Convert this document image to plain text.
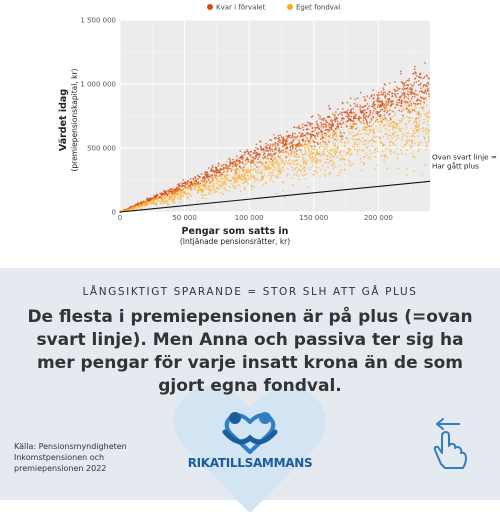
0	50 000	100 000	150 000	200 000
0
500 000
1 000 000
1 500 000
Ovan svart linje = Har gått plus
Kvar i förvalet	Eget fondval
Pengar som satts in
(Intjänade pensionsrätter, kr)
Värdet idag (premiepensionskapital, kr)
LÅNGSIKTIGT SPARANDE = STOR SLH ATT GÅ PLUS
De flesta i premiepensionen är på plus (=ovan svart linje). Men Anna och passiva ter sig ha mer pengar för varje insatt krona än de som gjort egna fondval.
Källa: Pensionsmyndigheten
Inkomstpensionen och
premiepensionen 2022	RIKATILLSAMMANS
